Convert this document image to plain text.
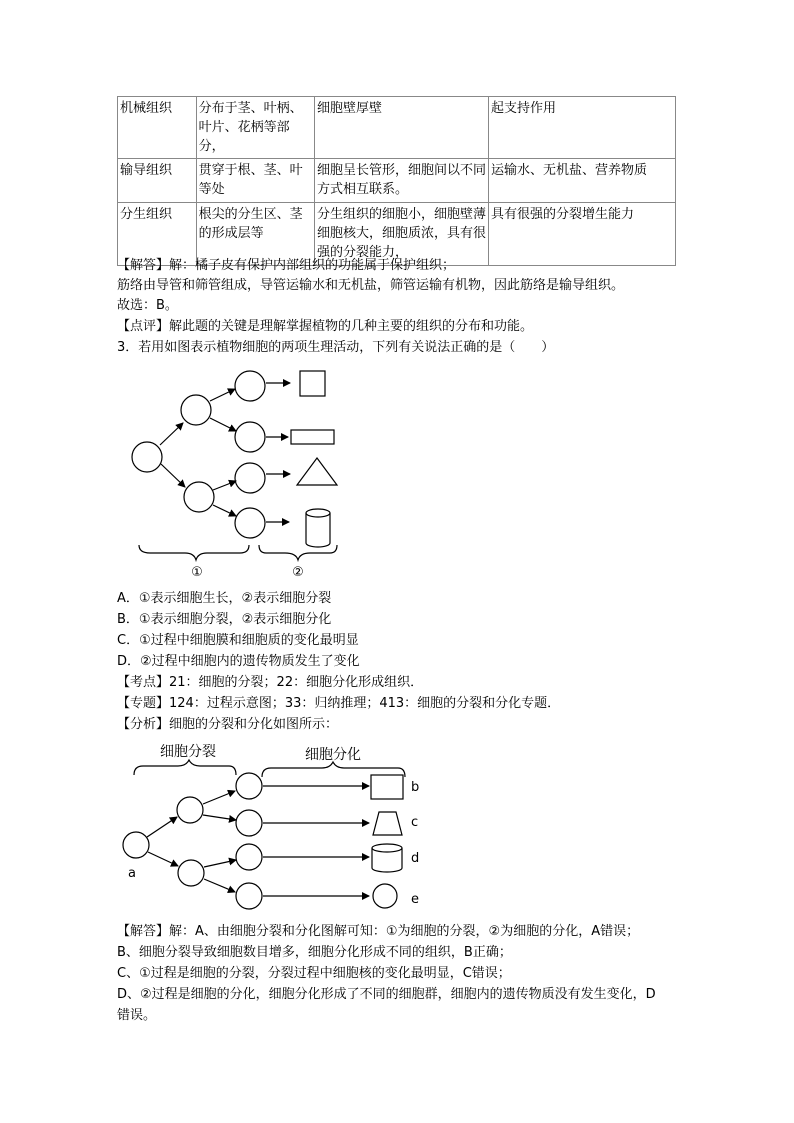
机械组织	分布于茎、叶柄、叶片、花柄等部分，	细胞壁厚壁	起支持作用
输导组织	贯穿于根、茎、叶等处	细胞呈长管形，细胞间以不同方式相互联系。	运输水、无机盐、营养物质
分生组织	根尖的分生区、茎的形成层等	分生组织的细胞小，细胞壁薄细胞核大，细胞质浓，具有很强的分裂能力，	具有很强的分裂增生能力
【解答】解：橘子皮有保护内部组织的功能属于保护组织；
筋络由导管和筛管组成，导管运输水和无机盐，筛管运输有机物，因此筋络是输导组织。
故选：B。
【点评】解此题的关键是理解掌握植物的几种主要的组织的分布和功能。
3．若用如图表示植物细胞的两项生理活动，下列有关说法正确的是（　　）
①	②
A．①表示细胞生长，②表示细胞分裂
B．①表示细胞分裂，②表示细胞分化
C．①过程中细胞膜和细胞质的变化最明显
D．②过程中细胞内的遗传物质发生了变化
【考点】21：细胞的分裂；22：细胞分化形成组织．
【专题】124：过程示意图；33：归纳推理；413：细胞的分裂和分化专题．
【分析】细胞的分裂和分化如图所示：
细胞分裂	细胞分化
a
b
c
d
e
【解答】解：A、由细胞分裂和分化图解可知：①为细胞的分裂，②为细胞的分化，A错误；
B、细胞分裂导致细胞数目增多，细胞分化形成不同的组织，B正确；
C、①过程是细胞的分裂，分裂过程中细胞核的变化最明显，C错误；
D、②过程是细胞的分化，细胞分化形成了不同的细胞群，细胞内的遗传物质没有发生变化，D
错误。
